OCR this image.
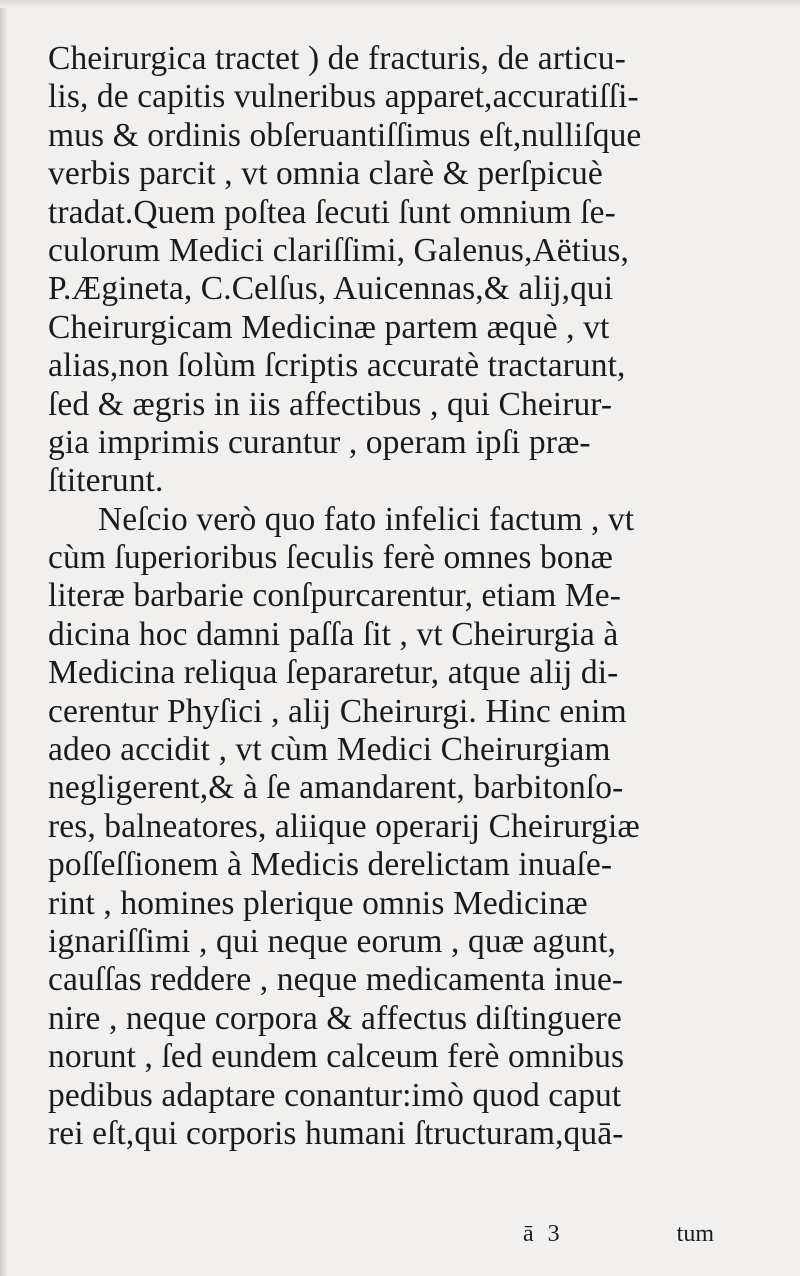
Cheirurgica tractet ) de fracturis, de articu-
lis, de capitis vulneribus apparet,accuratiſſi-
mus & ordinis obſeruantiſſimus eſt,nulliſque
verbis parcit , vt omnia clarè & perſpicuè
tradat.Quem poſtea ſecuti ſunt omnium ſe-
culorum Medici clariſſimi, Galenus,Aëtius,
P.Ægineta, C.Celſus, Auicennas,& alij,qui
Cheirurgicam Medicinæ partem æquè , vt
alias,non ſolùm ſcriptis accuratè tractarunt,
ſed & ægris in iis affectibus , qui Cheirur-
gia imprimis curantur , operam ipſi præ-
ſtiterunt.
Neſcio verò quo fato infelici factum , vt
cùm ſuperioribus ſeculis ferè omnes bonæ
literæ barbarie conſpurcarentur, etiam Me-
dicina hoc damni paſſa ſit , vt Cheirurgia à
Medicina reliqua ſepararetur, atque alij di-
cerentur Phyſici , alij Cheirurgi. Hinc enim
adeo accidit , vt cùm Medici Cheirurgiam
negligerent,& à ſe amandarent, barbitonſo-
res, balneatores, aliique operarij Cheirurgiæ
poſſeſſionem à Medicis derelictam inuaſe-
rint , homines plerique omnis Medicinæ
ignariſſimi , qui neque eorum , quæ agunt,
cauſſas reddere , neque medicamenta inue-
nire , neque corpora & affectus diſtinguere
norunt , ſed eundem calceum ferè omnibus
pedibus adaptare conantur:imò quod caput
rei eſt,qui corporis humani ſtructuram,quā-
ā 3	tum
